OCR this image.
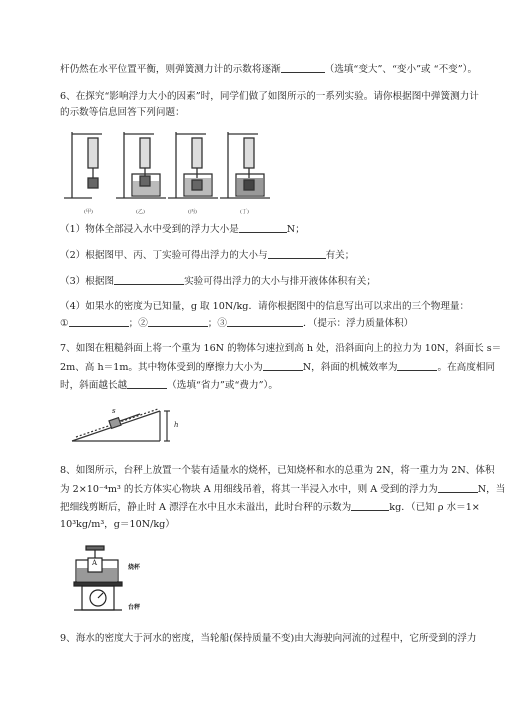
杆仍然在水平位置平衡，则弹簧测力计的示数将逐渐	（选填“变大”、“变小”或 “不变”）。
6、在探究“影响浮力大小的因素”时，同学们做了如图所示的一系列实验。请你根据图中弹簧测力计
的示数等信息回答下列问题：
(甲)	(乙)	(丙)	(丁)
（1）物体全部浸入水中受到的浮力大小是	N；
（2）根据图甲、丙、丁实验可得出浮力的大小与	有关；
（3）根据图	实验可得出浮力的大小与排开液体体积有关；
（4）如果水的密度为已知量，g 取 10N/kg．请你根据图中的信息写出可以求出的三个物理量：
①	；②	；③	．（提示：浮力质量体积）
7、如图在粗糙斜面上将一个重为 16N 的物体匀速拉到高 h 处，沿斜面向上的拉力为 10N，斜面长 s＝
2m、高 h＝1m。其中物体受到的摩擦力大小为	N，斜面的机械效率为	。在高度相同
时，斜面越长越	（选填“省力”或“费力”）。
h
s
8、如图所示，台秤上放置一个装有适量水的烧杯，已知烧杯和水的总重为 2N，将一重力为 2N、体积
为 2×10⁻⁴m³ 的长方体实心物块 A 用细线吊着，将其一半浸入水中，则 A 受到的浮力为	N，当
把细线剪断后，静止时 A 漂浮在水中且水未溢出，此时台秤的示数为	kg．（已知 ρ 水＝1×
10³kg/m³，g＝10N/kg）
A
烧杯
台秤
9、海水的密度大于河水的密度，当轮船(保持质量不变)由大海驶向河流的过程中，它所受到的浮力
